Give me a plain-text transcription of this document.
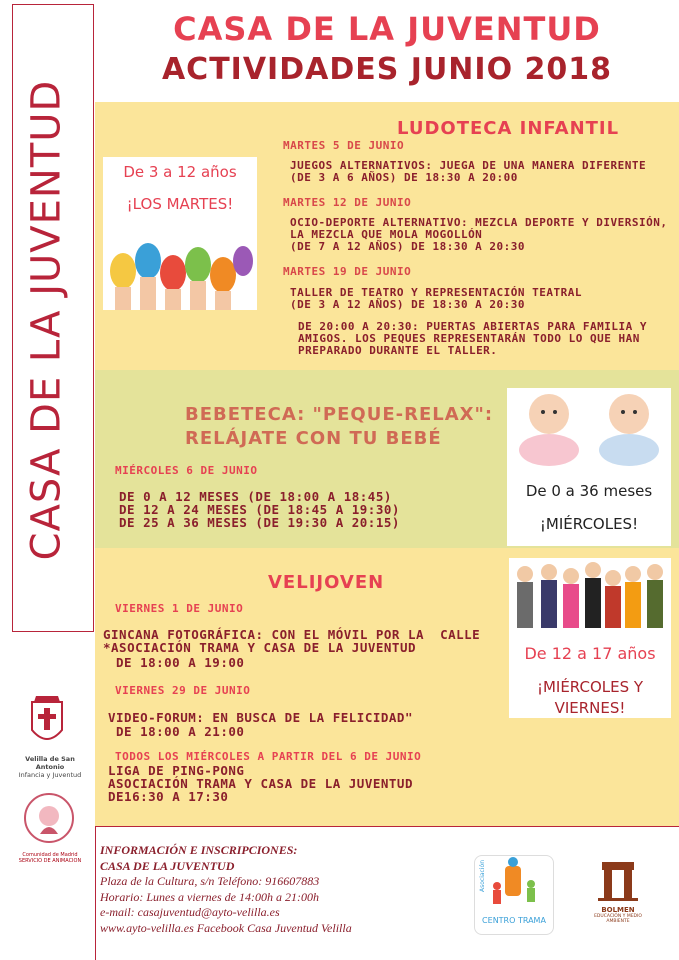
CASA DE LA JUVENTUD
Velilla de San Antonio
Infancia y Juventud
Comunidad de Madrid
SERVICIO DE ANIMACION
CASA DE LA JUVENTUD
ACTIVIDADES JUNIO 2018
LUDOTECA INFANTIL
MARTES 5 DE JUNIO
JUEGOS ALTERNATIVOS: JUEGA DE UNA MANERA DIFERENTE
(DE 3 A 6 AÑOS) DE 18:30 A 20:00
MARTES 12 DE JUNIO
OCIO-DEPORTE ALTERNATIVO: MEZCLA DEPORTE Y DIVERSIÓN,
LA MEZCLA QUE MOLA MOGOLLÓN
(DE 7 A 12 AÑOS) DE 18:30 A 20:30
MARTES 19 DE JUNIO
TALLER DE TEATRO Y REPRESENTACIÓN TEATRAL
(DE 3 A 12 AÑOS) DE 18:30 A 20:30
DE 20:00 A 20:30: PUERTAS ABIERTAS PARA FAMILIA Y
AMIGOS. LOS PEQUES REPRESENTARÁN TODO LO QUE HAN
PREPARADO DURANTE EL TALLER.
De 3 a 12 años
¡LOS MARTES!
BEBETECA: "PEQUE-RELAX":
RELÁJATE CON TU BEBÉ
MIÉRCOLES 6 DE JUNIO
DE 0 A 12 MESES (DE 18:00 A 18:45)
DE 12 A 24 MESES (DE 18:45 A 19:30)
DE 25 A 36 MESES (DE 19:30 A 20:15)
De 0 a 36 meses
¡MIÉRCOLES!
VELIJOVEN
VIERNES 1 DE JUNIO
GINCANA FOTOGRÁFICA: CON EL MÓVIL POR LA  CALLE
*ASOCIACIÓN TRAMA Y CASA DE LA JUVENTUD
DE 18:00 A 19:00
VIERNES 29 DE JUNIO
VIDEO-FORUM: EN BUSCA DE LA FELICIDAD"
DE 18:00 A 21:00
TODOS LOS MIÉRCOLES A PARTIR DEL 6 DE JUNIO
LIGA DE PING-PONG
ASOCIACIÓN TRAMA Y CASA DE LA JUVENTUD
DE16:30 A 17:30
De 12 a 17 años
¡MIÉRCOLES Y
VIERNES!
INFORMACIÓN E INSCRIPCIONES:
CASA DE LA JUVENTUD
Plaza de la Cultura, s/n Teléfono: 916607883
Horario: Lunes a viernes de 14:00h a 21:00h
e-mail: casajuventud@ayto-velilla.es
www.ayto-velilla.es Facebook Casa Juventud Velilla
Asociación
CENTRO TRAMA
BOLMEN
EDUCACIÓN Y MEDIO AMBIENTE
